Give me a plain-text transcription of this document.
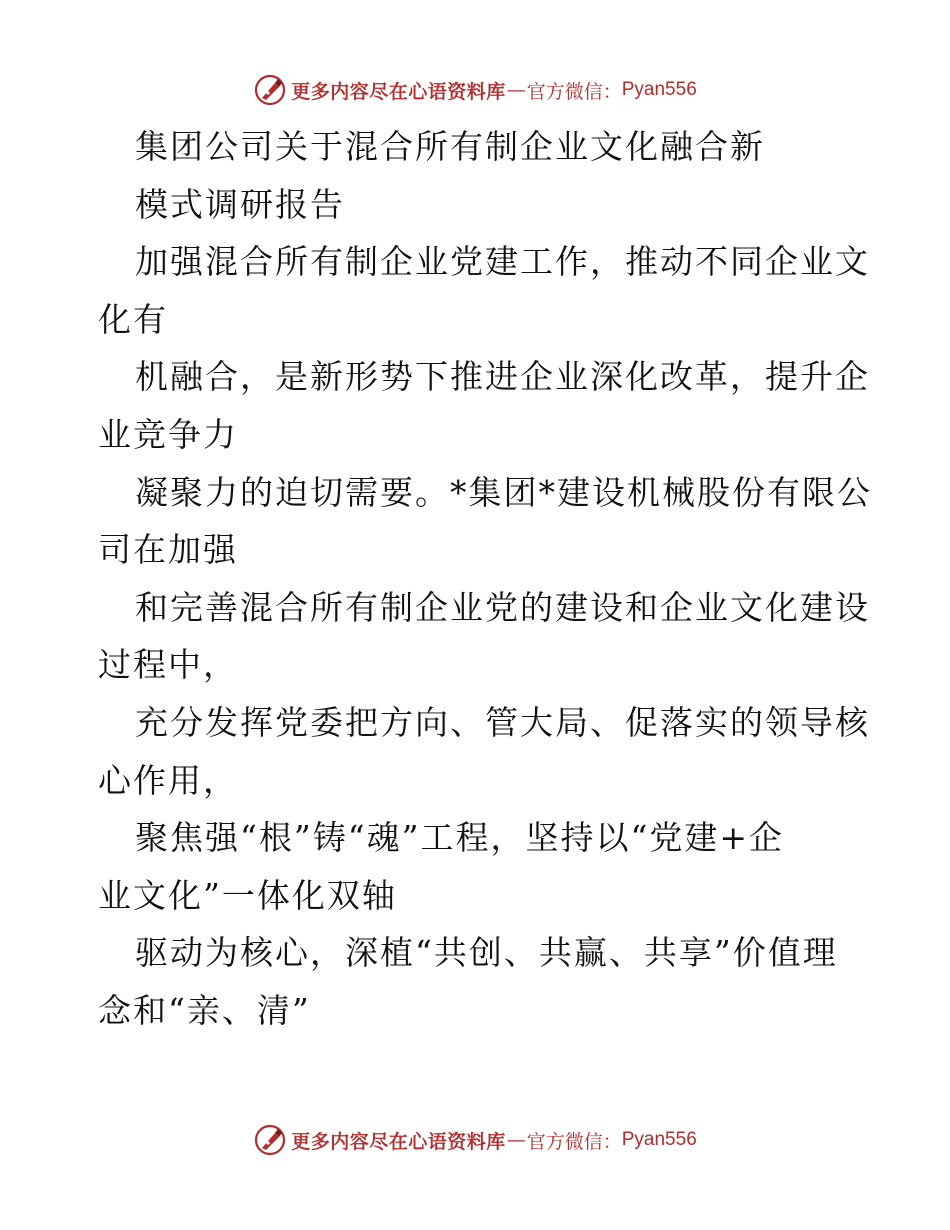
更多内容尽在心语资料库 — 官方微信： Pyan556
集团公司关于混合所有制企业文化融合新
模式调研报告
加强混合所有制企业党建工作，推动不同企业文
化有
机融合，是新形势下推进企业深化改革，提升企
业竞争力
凝聚力的迫切需要。*集团*建设机械股份有限公
司在加强
和完善混合所有制企业党的建设和企业文化建设
过程中，
充分发挥党委把方向、管大局、促落实的领导核
心作用，
聚焦强“根”铸“魂”工程，坚持以“党建+企
业文化”一体化双轴
驱动为核心，深植“共创、共赢、共享”价值理
念和“亲、清”
更多内容尽在心语资料库 — 官方微信： Pyan556
